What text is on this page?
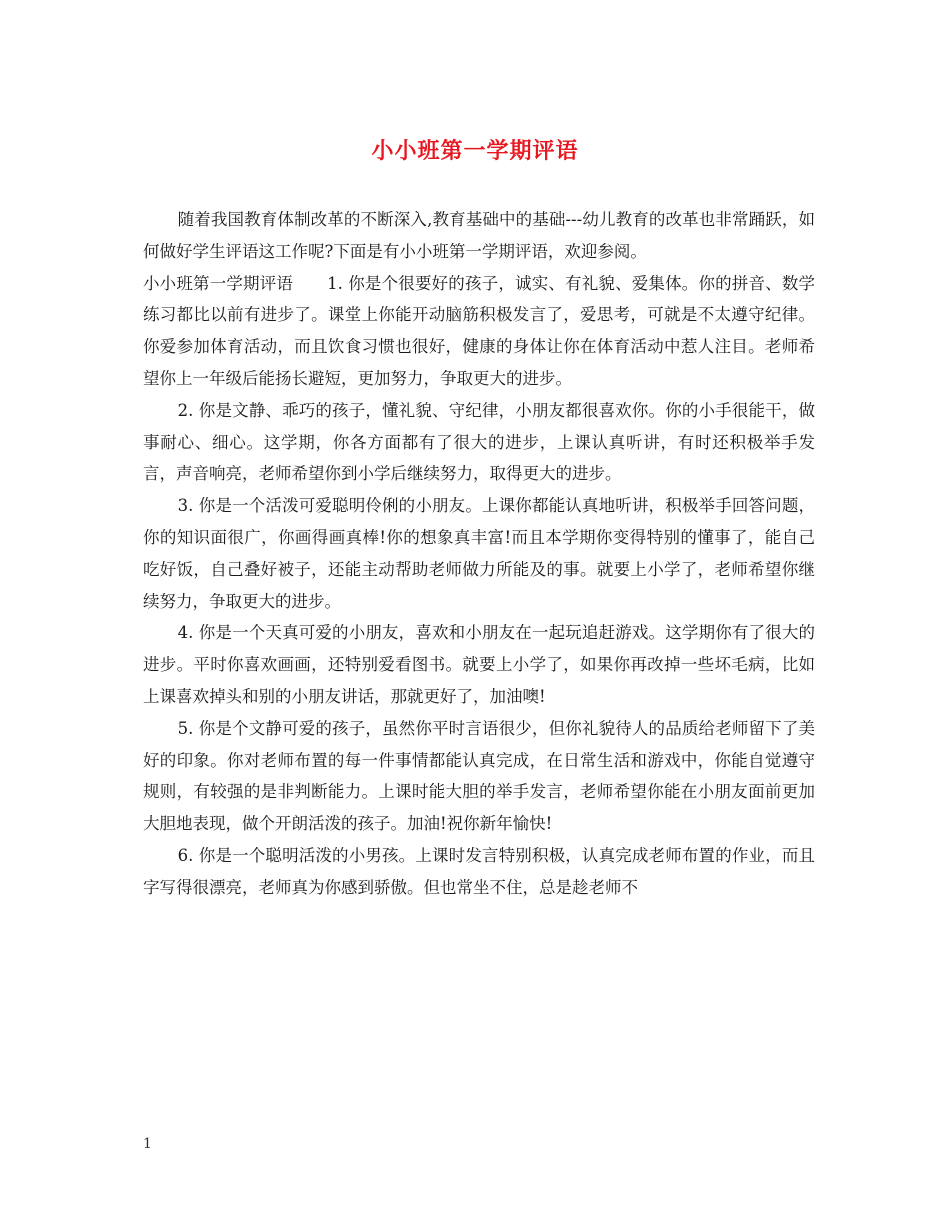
小小班第一学期评语

随着我国教育体制改革的不断深入,教育基础中的基础---幼儿教育的改革也非常踊跃，如何做好学生评语这工作呢?下面是有小小班第一学期评语，欢迎参阅。

小小班第一学期评语 1. 你是个很要好的孩子，诚实、有礼貌、爱集体。你的拼音、数学练习都比以前有进步了。课堂上你能开动脑筋积极发言了，爱思考，可就是不太遵守纪律。你爱参加体育活动，而且饮食习惯也很好，健康的身体让你在体育活动中惹人注目。老师希望你上一年级后能扬长避短，更加努力，争取更大的进步。

2. 你是文静、乖巧的孩子，懂礼貌、守纪律，小朋友都很喜欢你。你的小手很能干，做事耐心、细心。这学期，你各方面都有了很大的进步，上课认真听讲，有时还积极举手发言，声音响亮，老师希望你到小学后继续努力，取得更大的进步。

3. 你是一个活泼可爱聪明伶俐的小朋友。上课你都能认真地听讲，积极举手回答问题，你的知识面很广，你画得画真棒!你的想象真丰富!而且本学期你变得特别的懂事了，能自己吃好饭，自己叠好被子，还能主动帮助老师做力所能及的事。就要上小学了，老师希望你继续努力，争取更大的进步。

4. 你是一个天真可爱的小朋友，喜欢和小朋友在一起玩追赶游戏。这学期你有了很大的进步。平时你喜欢画画，还特别爱看图书。就要上小学了，如果你再改掉一些坏毛病，比如上课喜欢掉头和别的小朋友讲话，那就更好了，加油噢!

5. 你是个文静可爱的孩子，虽然你平时言语很少，但你礼貌待人的品质给老师留下了美好的印象。你对老师布置的每一件事情都能认真完成，在日常生活和游戏中，你能自觉遵守规则，有较强的是非判断能力。上课时能大胆的举手发言，老师希望你能在小朋友面前更加大胆地表现，做个开朗活泼的孩子。加油!祝你新年愉快!

6. 你是一个聪明活泼的小男孩。上课时发言特别积极，认真完成老师布置的作业，而且字写得很漂亮，老师真为你感到骄傲。但也常坐不住，总是趁老师不

1
